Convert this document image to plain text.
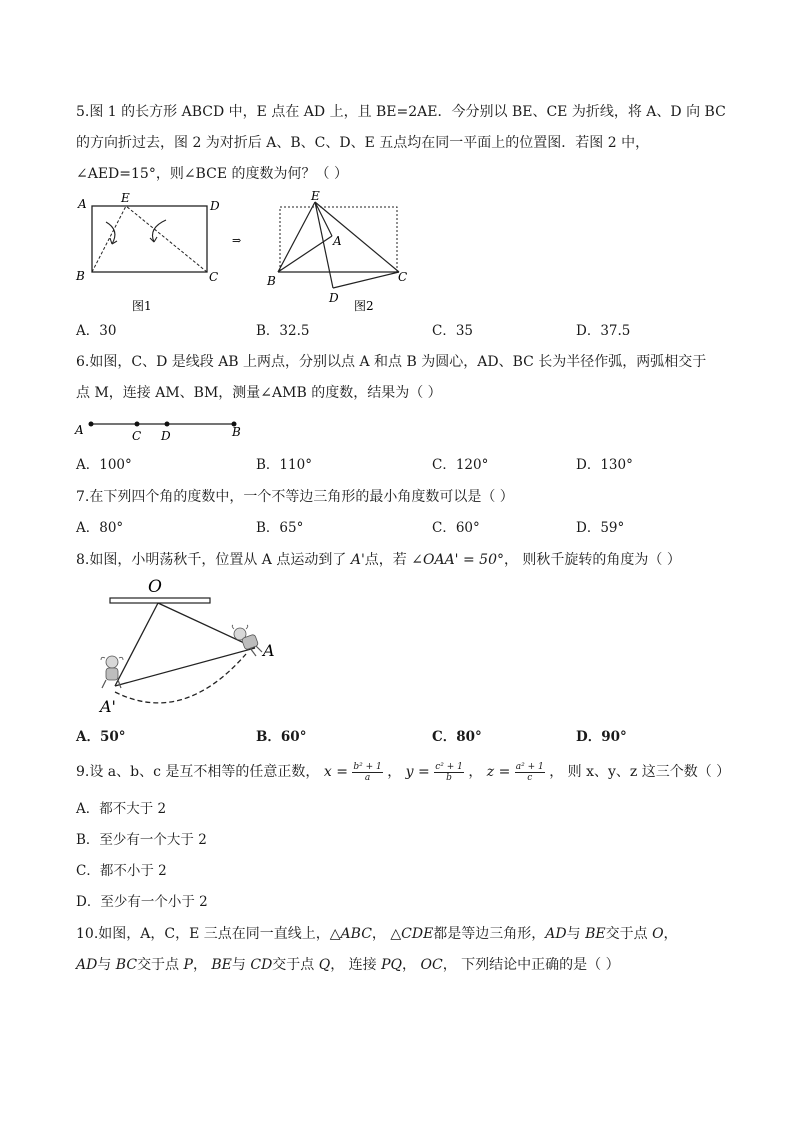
5.图 1 的长方形 ABCD 中，E 点在 AD 上，且 BE=2AE．今分别以 BE、CE 为折线，将 A、D 向 BC
的方向折过去，图 2 为对折后 A、B、C、D、E 五点均在同一平面上的位置图．若图 2 中，
∠AED=15°，则∠BCE 的度数为何？（ ）
A	E
D
B	C
图1
⇒
E
A
B	C
D
图2
A．30	B．32.5	C．35	D．37.5
6.如图，C、D 是线段 AB 上两点，分别以点 A 和点 B 为圆心，AD、BC 长为半径作弧，两弧相交于
点 M，连接 AM、BM，测量∠AMB 的度数，结果为（ ）
A	C D	B
A．100°	B．110°	C．120°	D．130°
7.在下列四个角的度数中，一个不等边三角形的最小角度数可以是（ ）
A．80°	B．65°	C．60°	D．59°
8.如图，小明荡秋千，位置从 A 点运动到了 A'点，若 ∠OAA' = 50°， 则秋千旋转的角度为（ ）
O
A'
A
A．50°	B．60°	C．80°	D．90°
9.设 a、b、c 是互不相等的任意正数， $x = \frac{\text{b² + 1}}{a}$ ， $y = \frac{\text{c² + 1}}{b}$ ， $z = \frac{\text{a² + 1}}{c}$ ， 则 x、y、z 这三个数（ ）
A．都不大于 2
B．至少有一个大于 2
C．都不小于 2
D．至少有一个小于 2
10.如图，A，C，E 三点在同一直线上，△ABC， △CDE都是等边三角形，AD与 BE交于点 O，
AD与 BC交于点 P， BE与 CD交于点 Q， 连接 PQ， OC， 下列结论中正确的是（ ）
